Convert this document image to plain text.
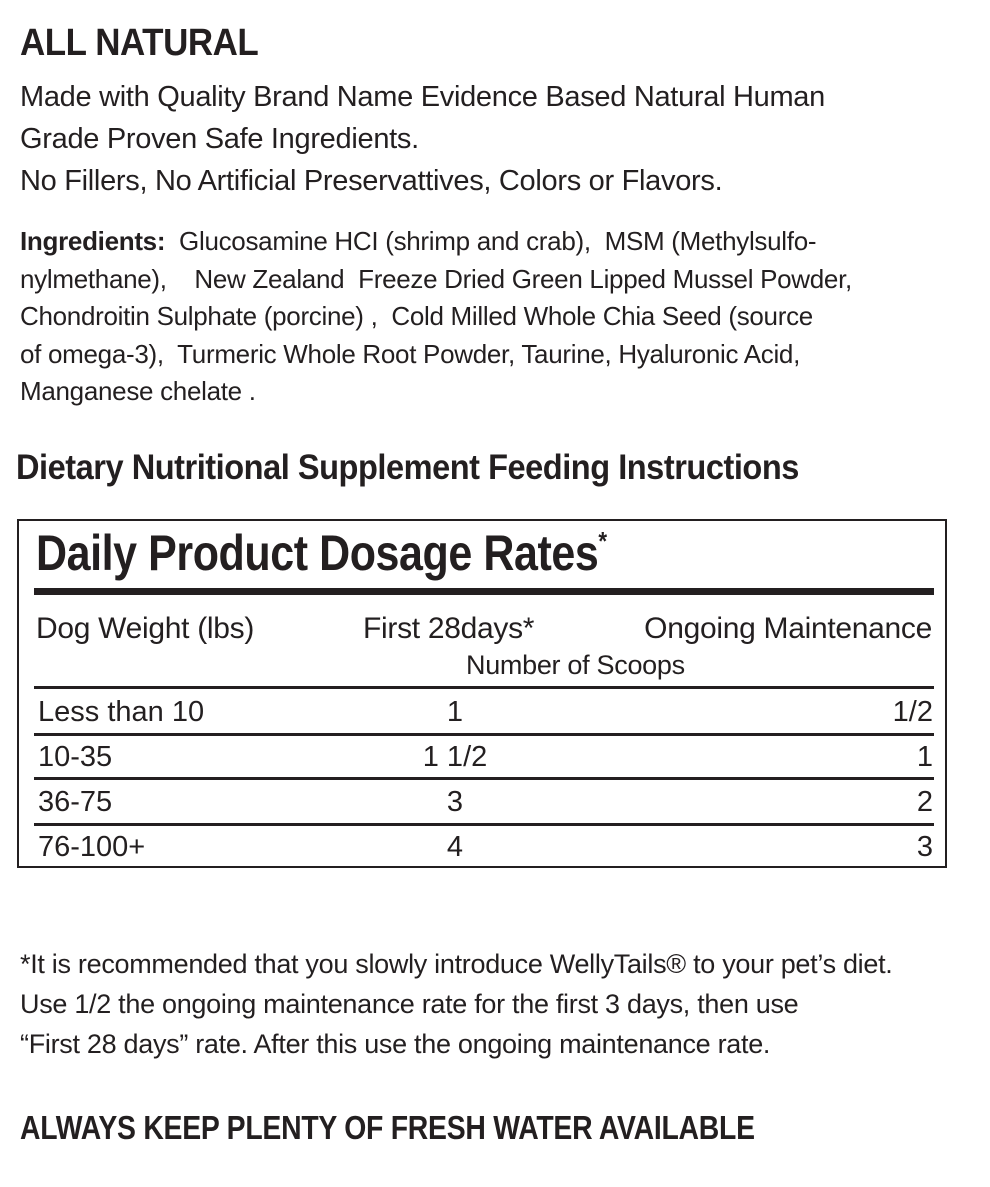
ALL NATURAL
Made with Quality Brand Name Evidence Based Natural Human
Grade Proven Safe Ingredients.
No Fillers, No Artificial Preservattives, Colors or Flavors.
Ingredients:  Glucosamine HCI (shrimp and crab),  MSM (Methylsulfo-
nylmethane),    New Zealand  Freeze Dried Green Lipped Mussel Powder,
Chondroitin Sulphate (porcine) ,  Cold Milled Whole Chia Seed (source
of omega-3),  Turmeric Whole Root Powder, Taurine, Hyaluronic Acid,
Manganese chelate .
Dietary Nutritional Supplement Feeding Instructions
Daily Product Dosage Rates*
Dog Weight (lbs)	First 28days*	Ongoing Maintenance
Number of Scoops
Less than 10	1	1/2
10-35	1 1/2	1
36-75	3	2
76-100+	4	3
*It is recommended that you slowly introduce WellyTails® to your pet’s diet.
Use 1/2 the ongoing maintenance rate for the first 3 days, then use
“First 28 days” rate. After this use the ongoing maintenance rate.
ALWAYS KEEP PLENTY OF FRESH WATER AVAILABLE
